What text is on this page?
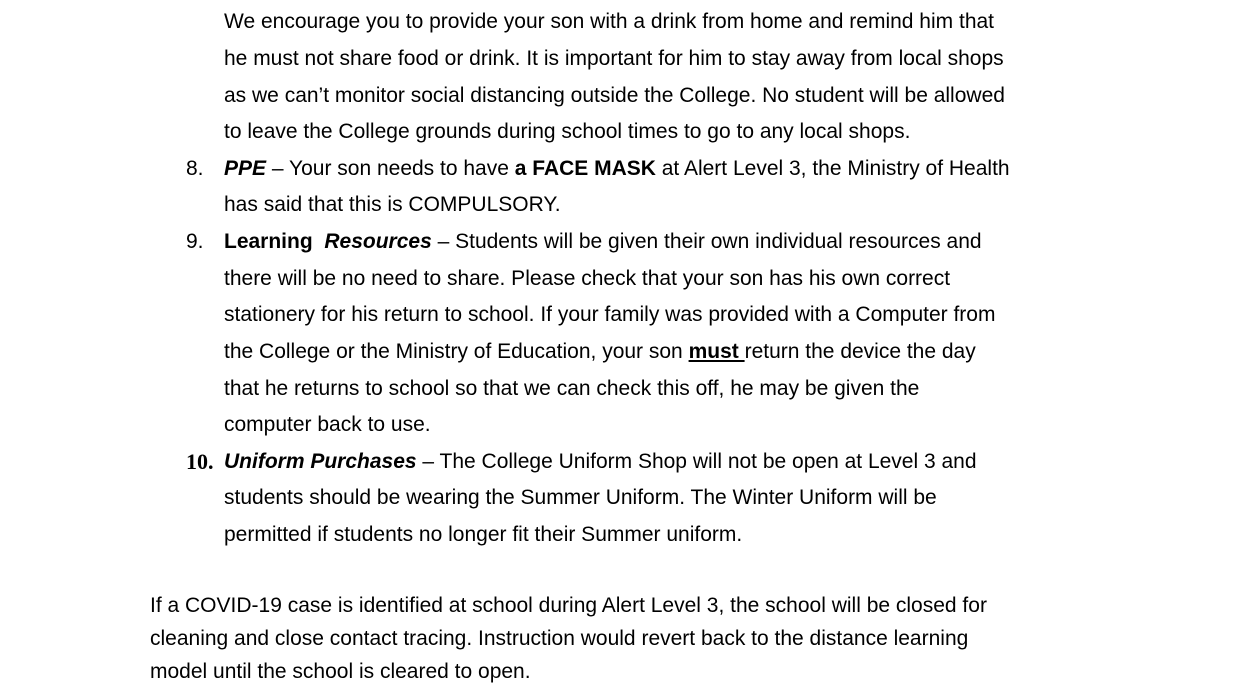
We encourage you to provide your son with a drink from home and remind him that
he must not share food or drink. It is important for him to stay away from local shops
as we can’t monitor social distancing outside the College. No student will be allowed
to leave the College grounds during school times to go to any local shops.
8. PPE – Your son needs to have a FACE MASK at Alert Level 3, the Ministry of Health
has said that this is COMPULSORY.
9. Learning Resources – Students will be given their own individual resources and
there will be no need to share. Please check that your son has his own correct
stationery for his return to school. If your family was provided with a Computer from
the College or the Ministry of Education, your son must return the device the day
that he returns to school so that we can check this off, he may be given the
computer back to use.
10. Uniform Purchases – The College Uniform Shop will not be open at Level 3 and
students should be wearing the Summer Uniform. The Winter Uniform will be
permitted if students no longer fit their Summer uniform.
If a COVID-19 case is identified at school during Alert Level 3, the school will be closed for
cleaning and close contact tracing. Instruction would revert back to the distance learning
model until the school is cleared to open.
